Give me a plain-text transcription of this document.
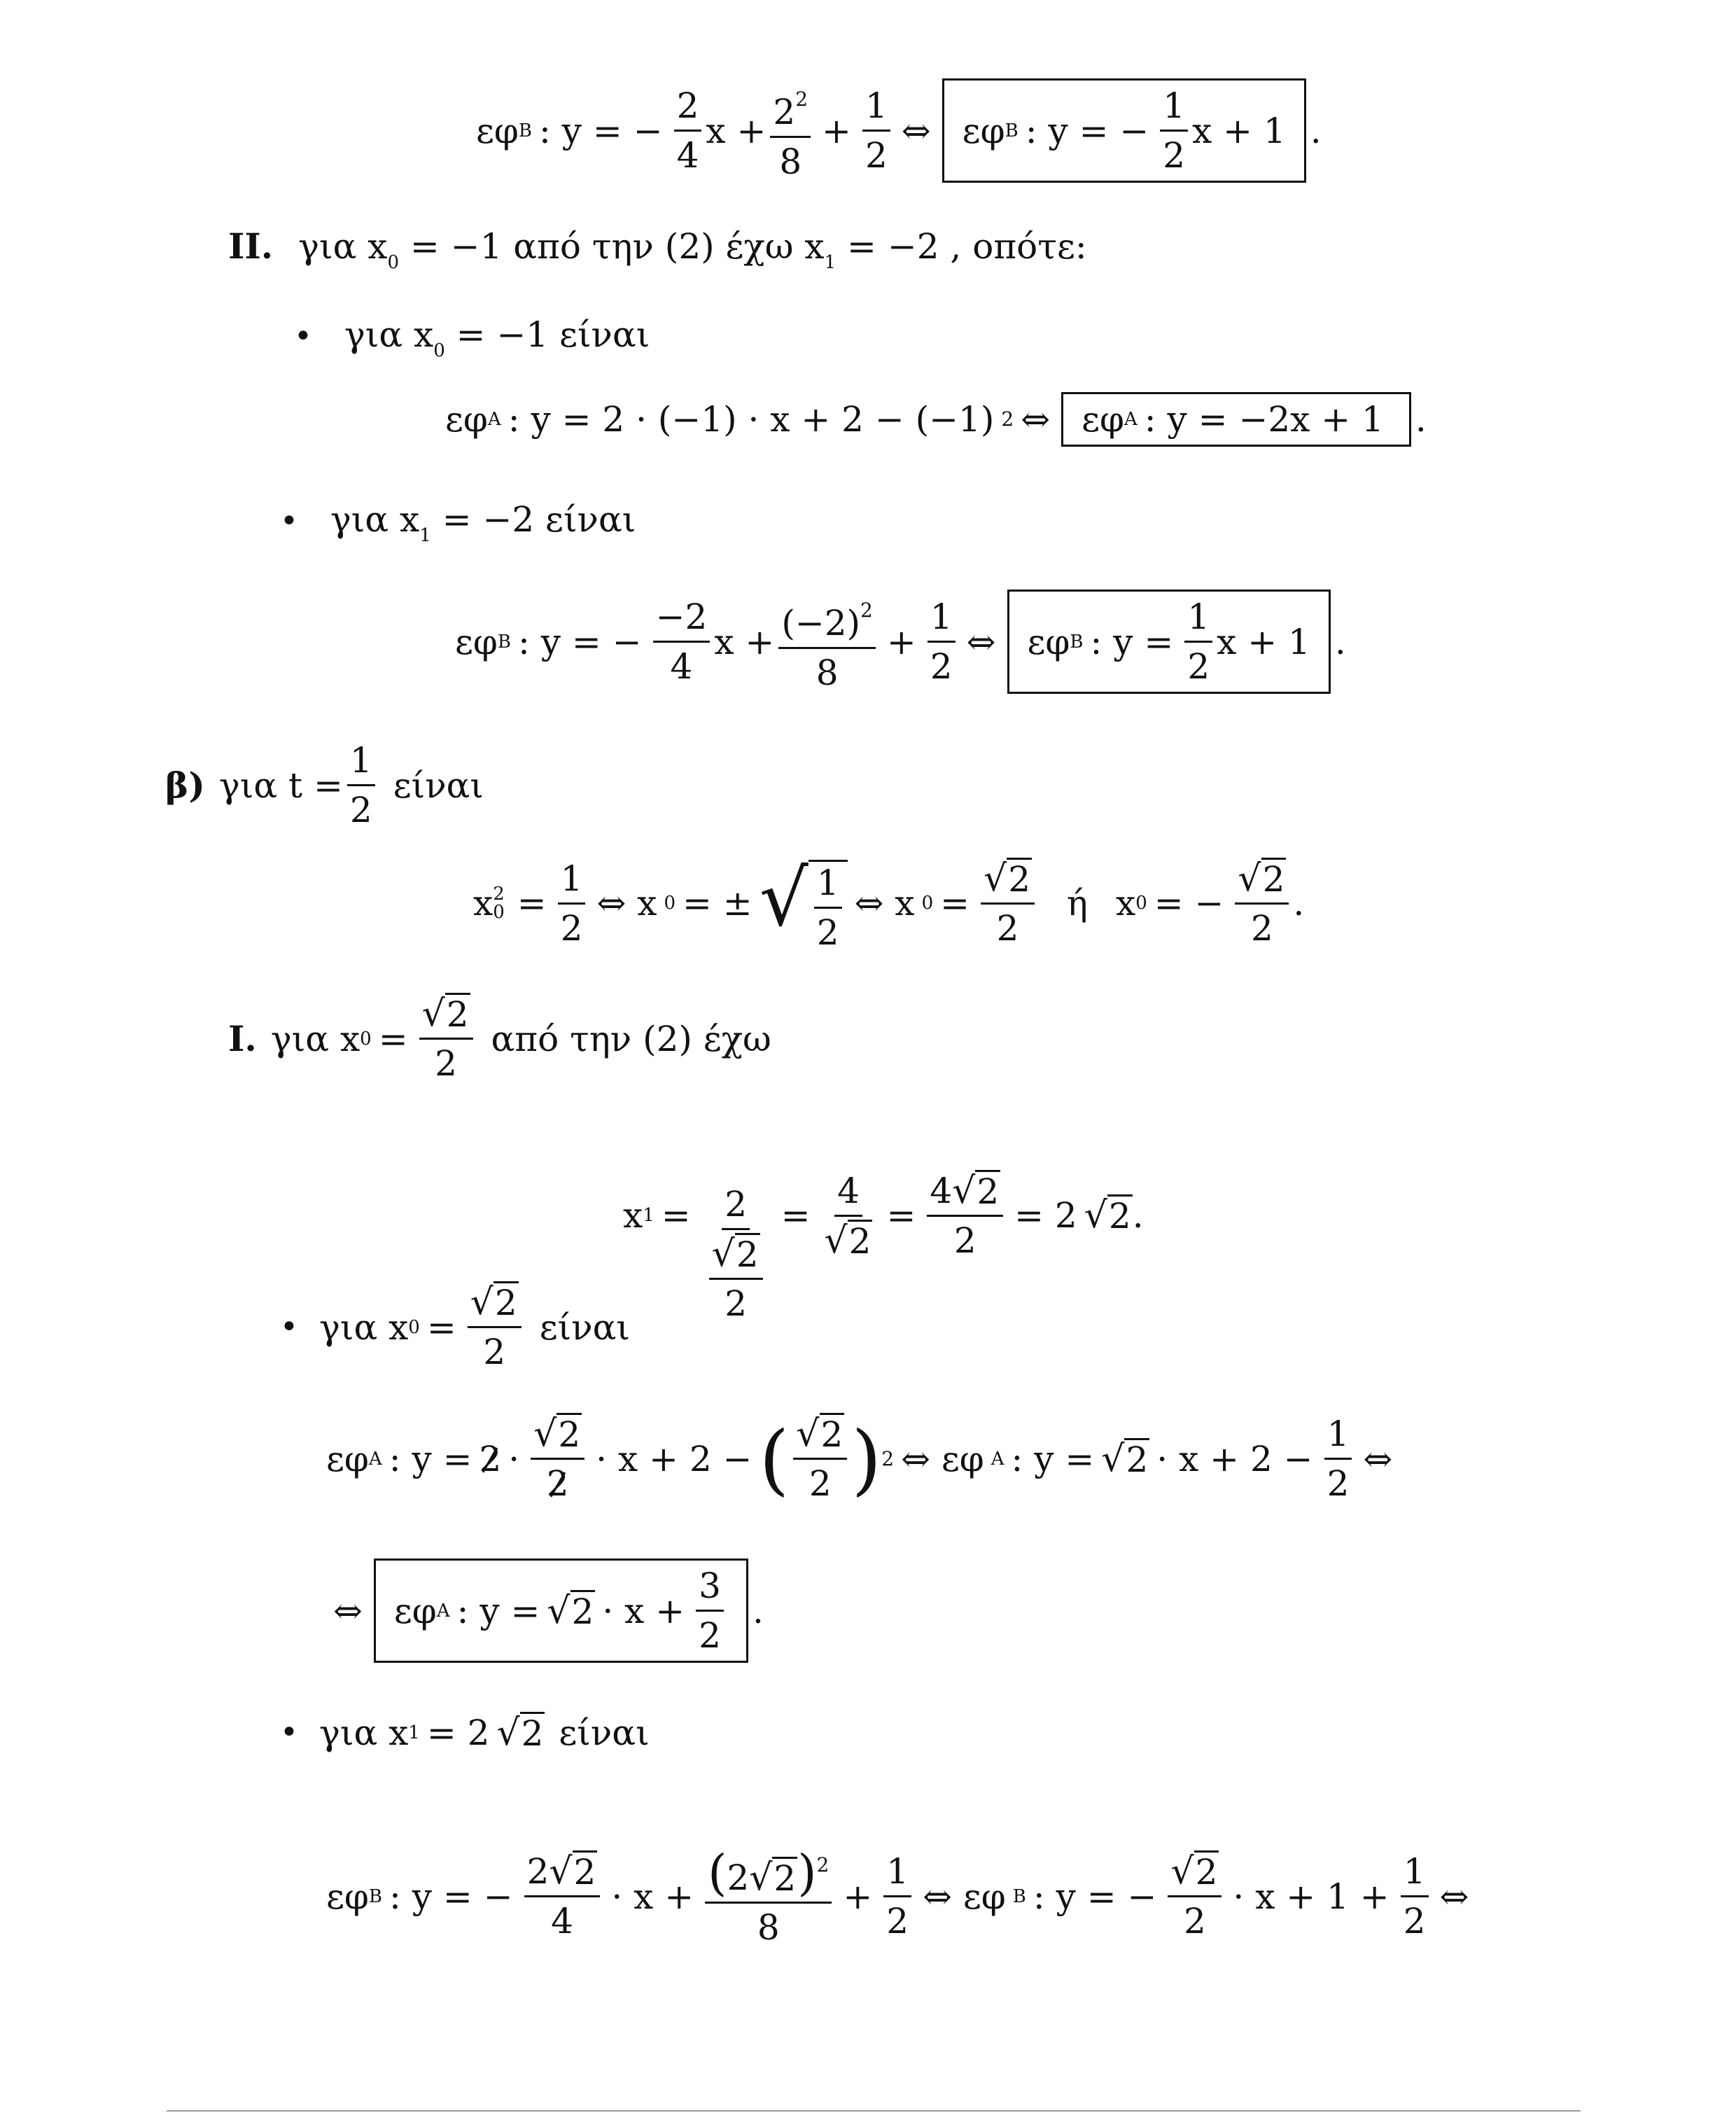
εφ B : y = − $\frac{2}{4}$ $x + \frac{2^2}{8} + \frac{1}{2}$ ⇔ εφ B : y = − $\frac{1}{2}$ x + 1 .
II. για $x_0 = -1$ από την (2) έχω $x_1 = -2$ , οπότε:
• για $x_0 = -1$ είναι
εφ A : y = 2 · (−1) · x + 2 − (−1) 2 ⇔ εφ A : y = −2x + 1 .
• για $x_1 = -2$ είναι
εφ B : y = − $\frac{-2}{4}$ $x + \frac{(-2)^2}{8} + \frac{1}{2}$ ⇔ εφ B : $y = \frac{1}{2}$ x + 1 .
β) για $t = \frac{1}{2}$ είναι
x 2
$0 = \frac{1}{2}$ ⇔ x 0 = ± √ $\frac{1}{2}$ ⇔ x $0 = \frac{√ 2}{2}$ ή x 0 = − $\frac{√ 2}{2}$ .
I. για x $0 = \frac{√ 2}{2}$ από την (2) έχω
x $1 = \frac{2}{\frac{√ 2}{2}} = \frac{4}{√ 2} = \frac{4 √ 2}{2} = 2$ √ 2 .
• για x $0 = \frac{√ 2}{2}$ είναι
εφ A : $y = 2 \cdot \frac{√ 2}{2} \cdot x + 2$ − ( $\frac{√ 2}{2}$ ) 2 ⇔ εφ A : y = √ $2 \cdot x + 2 - \frac{1}{2}$ ⇔
⇔ εφ A : y = √ $2 \cdot x + \frac{3}{2}$ .
• για x 1 = 2 √ 2 είναι
εφ B : y = − $\frac{2 √ 2}{4} \cdot x + \frac{(2 √ 2 )^2}{8} + \frac{1}{2}$ ⇔ εφ B : y = − $\frac{√ 2}{2} \cdot x + 1 + \frac{1}{2}$ ⇔
